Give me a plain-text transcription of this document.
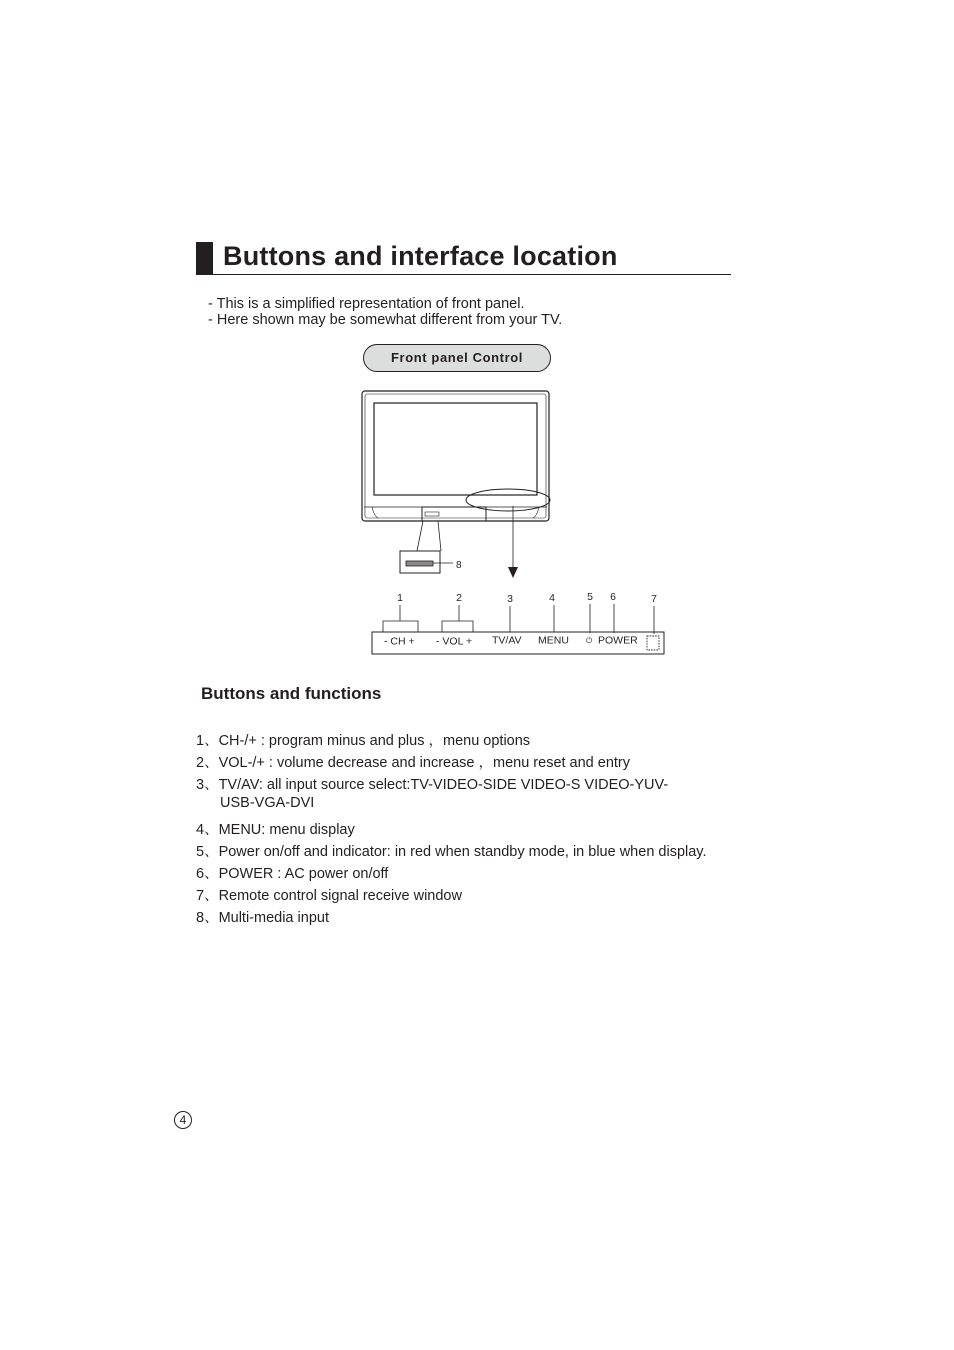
Buttons and interface location
- This is a simplified representation of front panel.
- Here shown may be somewhat different from your TV.
Front panel Control
8
1	2	3	4	5 6	7
- CH + - VOL + TV/AV MENU ⏻ POWER
Buttons and functions
1、CH-/+ : program minus and plus ，menu options
2、VOL-/+ : volume decrease and increase ，menu reset and entry
3、TV/AV: all input source select:TV-VIDEO-SIDE VIDEO-S VIDEO-YUV-
USB-VGA-DVI
4、MENU: menu display
5、Power on/off and indicator: in red when standby mode, in blue when display.
6、POWER : AC power on/off
7、Remote control signal receive window
8、Multi-media input
4
